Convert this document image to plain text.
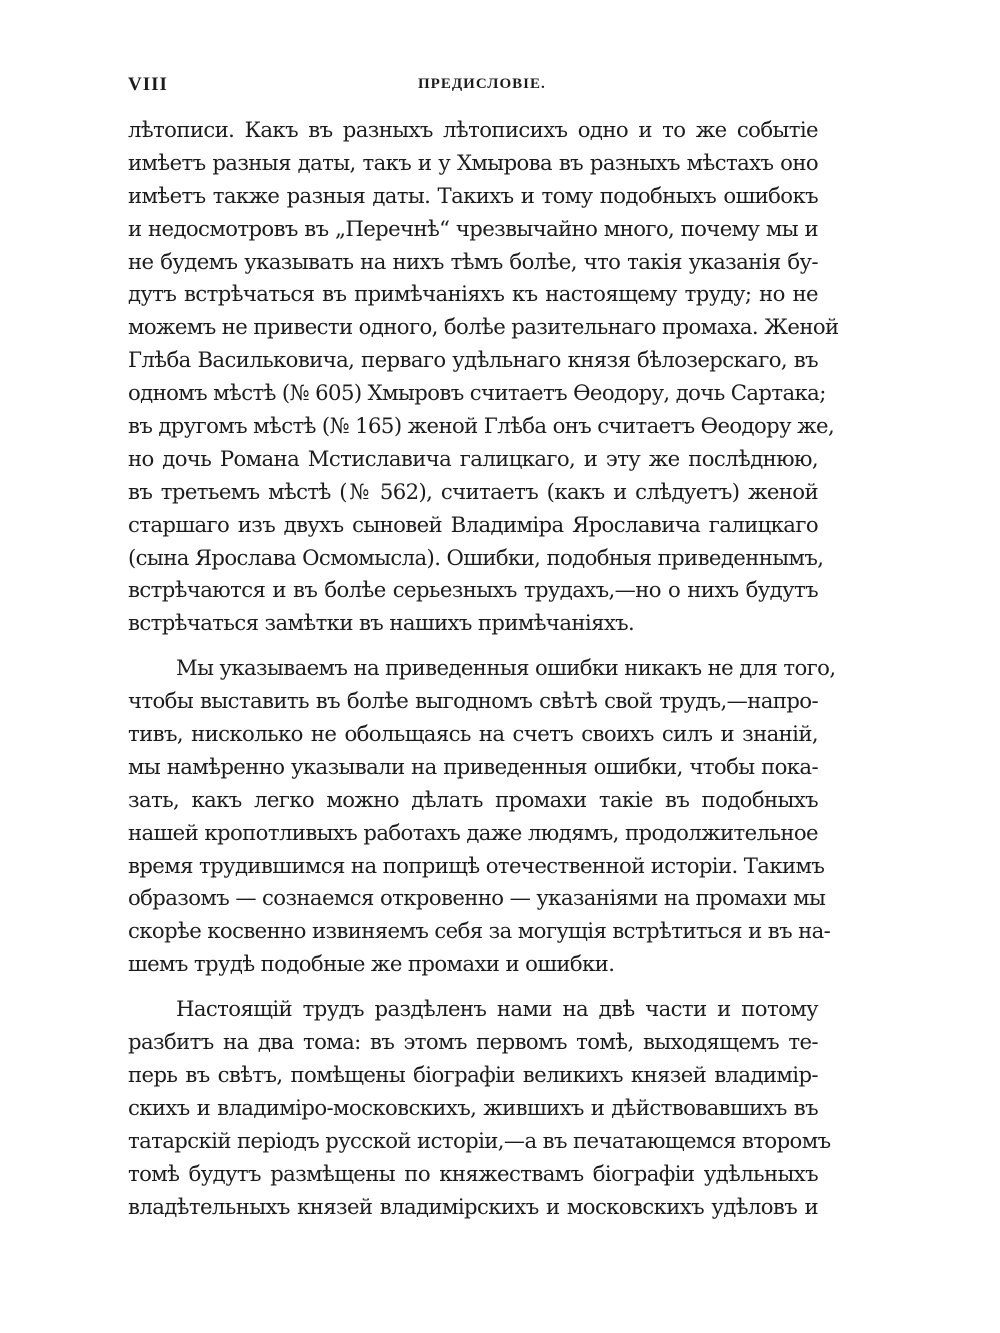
VIII	ПРЕДИСЛОВІЕ.
лѣтописи. Какъ въ разныхъ лѣтописихъ одно и то же событіе
имѣетъ разныя даты, такъ и у Хмырова въ разныхъ мѣстахъ оно
имѣетъ также разныя даты. Такихъ и тому подобныхъ ошибокъ
и недосмотровъ въ „Перечнѣ“ чрезвычайно много, почему мы и
не будемъ указывать на нихъ тѣмъ болѣе, что такія указанія бу-
дутъ встрѣчаться въ примѣчаніяхъ къ настоящему труду; но не
можемъ не привести одного, болѣе разительнаго промаха. Женой
Глѣба Васильковича, перваго удѣльнаго князя бѣлозерскаго, въ
одномъ мѣстѣ (№ 605) Хмыровъ считаетъ Ѳеодору, дочь Сартака;
въ другомъ мѣстѣ (№ 165) женой Глѣба онъ считаетъ Ѳеодору же,
но дочь Романа Мстиславича галицкаго, и эту же послѣднюю,
въ третьемъ мѣстѣ (№ 562), считаетъ (какъ и слѣдуетъ) женой
старшаго изъ двухъ сыновей Владиміра Ярославича галицкаго
(сына Ярослава Осмомысла). Ошибки, подобныя приведеннымъ,
встрѣчаются и въ болѣе серьезныхъ трудахъ,—но о нихъ будутъ
встрѣчаться замѣтки въ нашихъ примѣчаніяхъ.
Мы указываемъ на приведенныя ошибки никакъ не для того,
чтобы выставить въ болѣе выгодномъ свѣтѣ свой трудъ,—напро-
тивъ, нисколько не обольщаясь на счетъ своихъ силъ и знаній,
мы намѣренно указывали на приведенныя ошибки, чтобы пока-
зать, какъ легко можно дѣлать промахи такіе въ подобныхъ
нашей кропотливыхъ работахъ даже людямъ, продолжительное
время трудившимся на поприщѣ отечественной исторіи. Такимъ
образомъ — сознаемся откровенно — указаніями на промахи мы
скорѣе косвенно извиняемъ себя за могущія встрѣтиться и въ на-
шемъ трудѣ подобные же промахи и ошибки.
Настоящій трудъ раздѣленъ нами на двѣ части и потому
разбитъ на два тома: въ этомъ первомъ томѣ, выходящемъ те-
перь въ свѣтъ, помѣщены біографіи великихъ князей владимір-
скихъ и владиміро-московскихъ, жившихъ и дѣйствовавшихъ въ
татарскій періодъ русской исторіи,—а въ печатающемся второмъ
томѣ будутъ размѣщены по княжествамъ біографіи удѣльныхъ
владѣтельныхъ князей владимірскихъ и московскихъ удѣловъ и
